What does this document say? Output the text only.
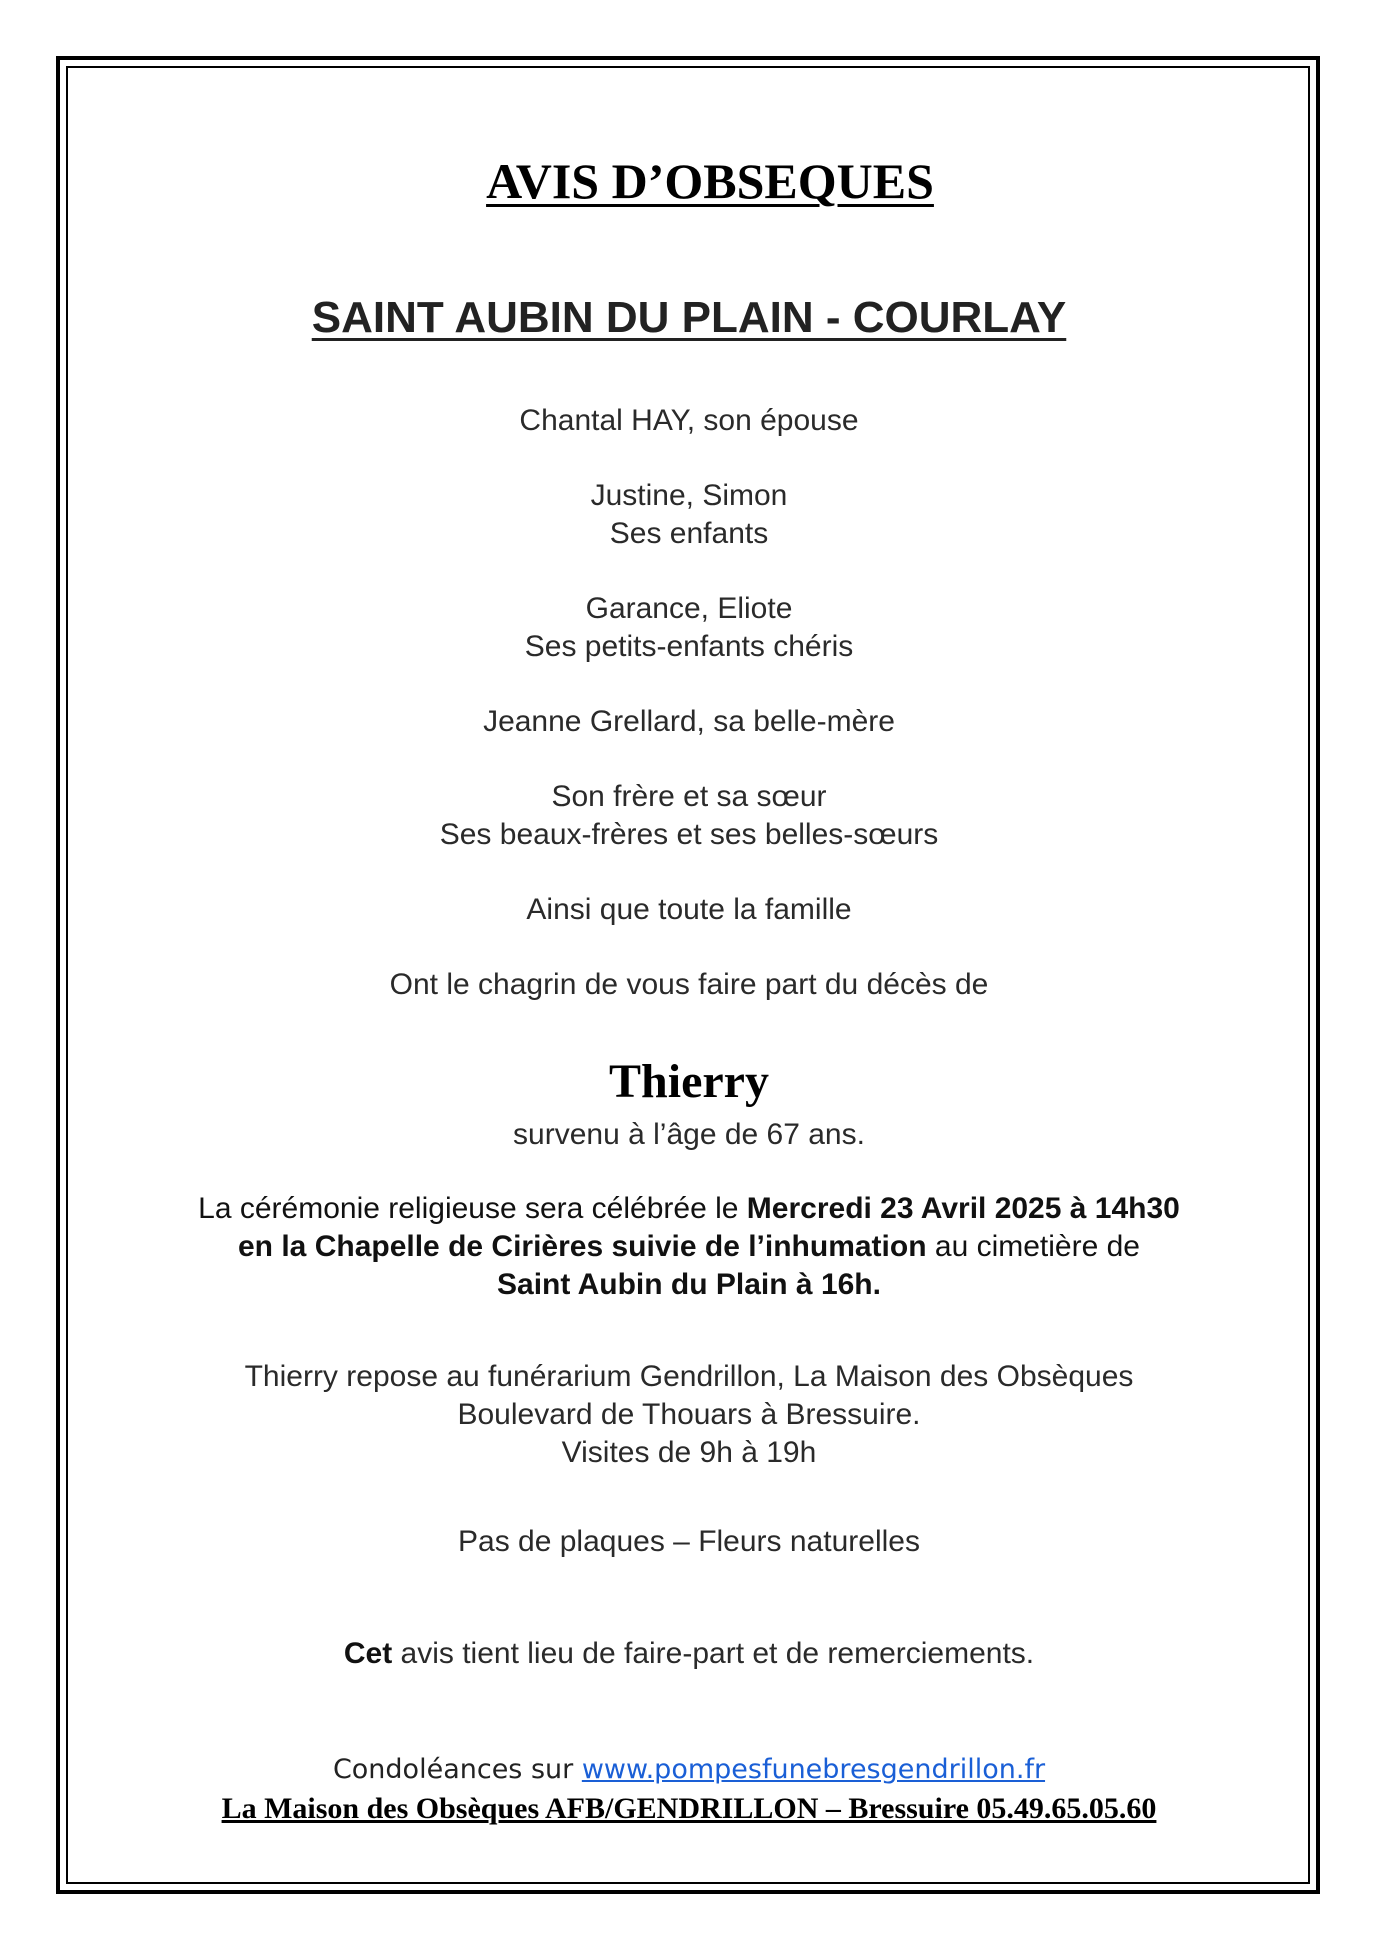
AVIS D’OBSEQUES
SAINT AUBIN DU PLAIN - COURLAY
Chantal HAY, son épouse
Justine, Simon
Ses enfants
Garance, Eliote
Ses petits-enfants chéris
Jeanne Grellard, sa belle-mère
Son frère et sa sœur
Ses beaux-frères et ses belles-sœurs
Ainsi que toute la famille
Ont le chagrin de vous faire part du décès de
Thierry
survenu à l’âge de 67 ans.
La cérémonie religieuse sera célébrée le Mercredi 23 Avril 2025 à 14h30
en la Chapelle de Cirières suivie de l’inhumation au cimetière de
Saint Aubin du Plain à 16h.
Thierry repose au funérarium Gendrillon, La Maison des Obsèques
Boulevard de Thouars à Bressuire.
Visites de 9h à 19h
Pas de plaques – Fleurs naturelles
Cet avis tient lieu de faire-part et de remerciements.
Condoléances sur www.pompesfunebresgendrillon.fr
La Maison des Obsèques AFB/GENDRILLON – Bressuire 05.49.65.05.60
